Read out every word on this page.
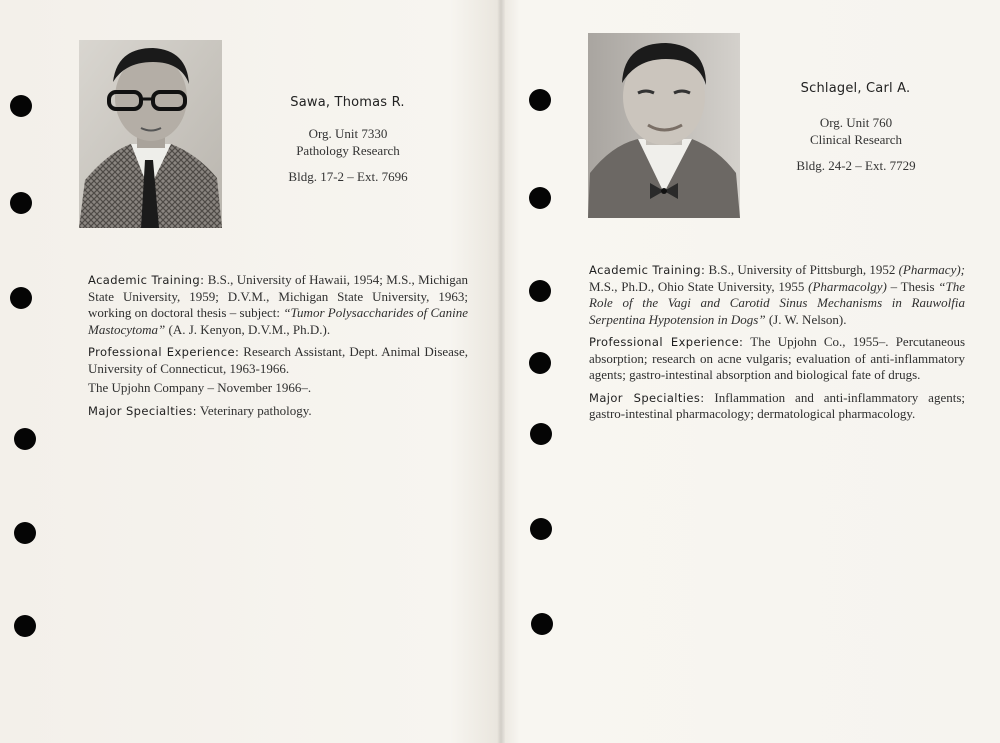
Sawa, Thomas R.
Org. Unit 7330
Pathology Research
Bldg. 17-2 – Ext. 7696

Academic Training: B.S., University of Hawaii, 1954; M.S., Michigan State University, 1959; D.V.M., Michigan State University, 1963; working on doctoral thesis – subject: “Tumor Polysaccharides of Canine Mastocytoma” (A. J. Kenyon, D.V.M., Ph.D.).

Professional Experience: Research Assistant, Dept. Animal Disease, University of Connecticut, 1963-1966.

The Upjohn Company – November 1966–.

Major Specialties: Veterinary pathology.

Schlagel, Carl A.
Org. Unit 760
Clinical Research
Bldg. 24-2 – Ext. 7729

Academic Training: B.S., University of Pittsburgh, 1952 (Pharmacy); M.S., Ph.D., Ohio State University, 1955 (Pharmacolgy) – Thesis “The Role of the Vagi and Carotid Sinus Mechanisms in Rauwolfia Serpentina Hypotension in Dogs” (J. W. Nelson).

Professional Experience: The Upjohn Co., 1955–. Percutaneous absorption; research on acne vulgaris; evaluation of anti-inflammatory agents; gastro-intestinal absorption and biological fate of drugs.

Major Specialties: Inflammation and anti-inflammatory agents; gastro-intestinal pharmacology; dermatological pharmacology.
